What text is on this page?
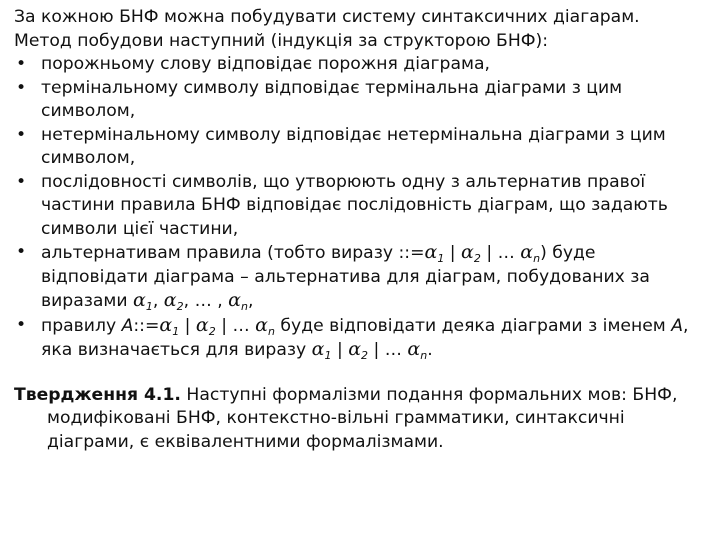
За кожною БНФ можна побудувати систему синтаксичних діагарам.

Метод побудови наступний (індукція за структорою БНФ):

• порожньому слову відповідає порожня діаграма,
• термінальному символу відповідає термінальна діаграми з цим символом,
• нетермінальному символу відповідає нетермінальна діаграми з цим символом,
• послідовності символів, що утворюють одну з альтернатив правої частини правила БНФ відповідає послідовність діаграм, що задають символи цієї частини,
• альтернативам правила (тобто виразу $::=\alpha_1$ | $\alpha_2$ | … $\alpha_n$) буде відповідати діаграма – альтернатива для діаграм, побудованих за виразами $\alpha_1$, $\alpha_2$, … , $\alpha_n$,
• правилу $A::=\alpha_1$ | $\alpha_2$ | … $\alpha_n$ буде відповідати деяка діаграми з іменем A, яка визначається для виразу $\alpha_1$ | $\alpha_2$ | … $\alpha_n$.

Твердження 4.1. Наступні формалізми подання формальних мов: БНФ, модифіковані БНФ, контекстно-вільні грамматики, синтаксичні діаграми, є еквівалентними формалізмами.
